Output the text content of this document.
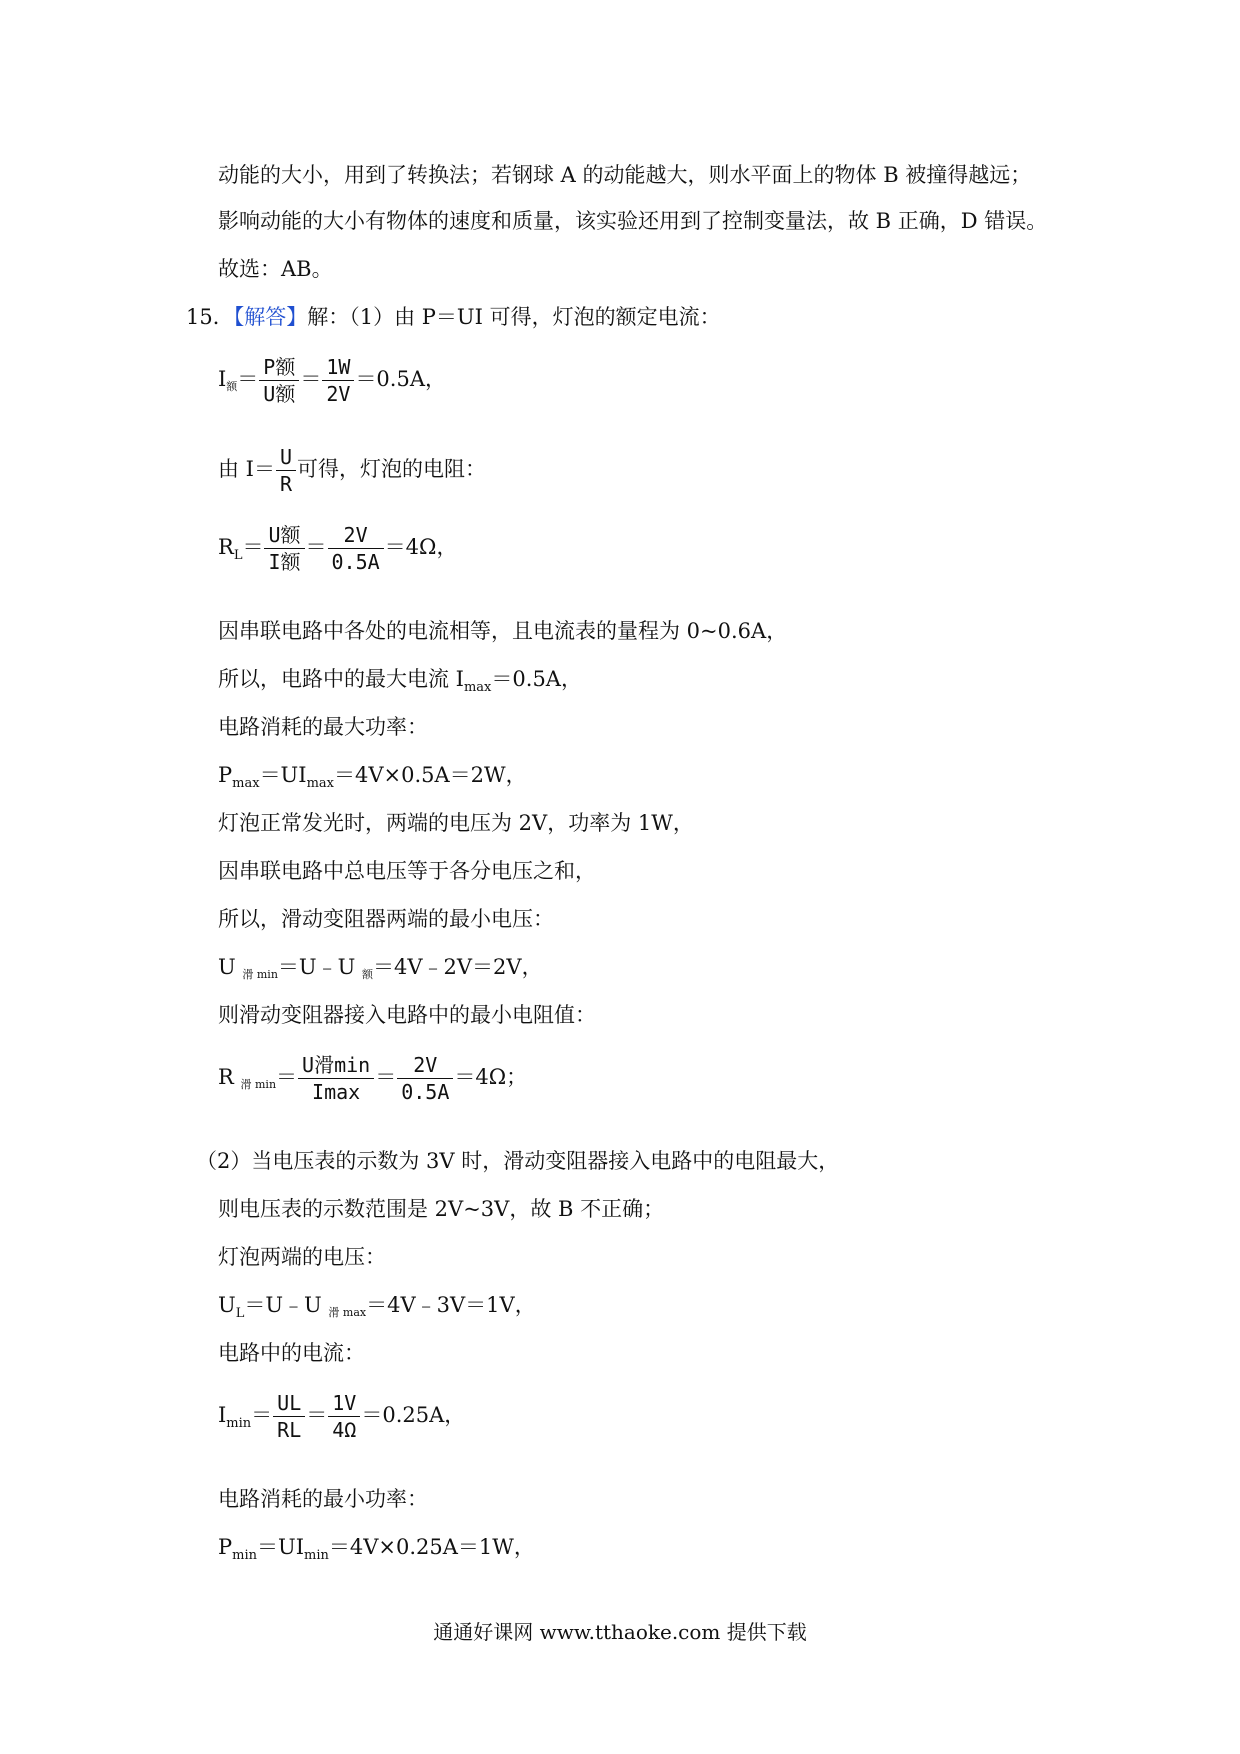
动能的大小，用到了转换法；若钢球 A 的动能越大，则水平面上的物体 B 被撞得越远；
影响动能的大小有物体的速度和质量，该实验还用到了控制变量法，故 B 正确，D 错误。
故选：AB。
15．【解答】解：（1）由 P＝UI 可得，灯泡的额定电流：
I额＝ $\frac{\text{P额}}{\text{U额}} = \frac{1W}{2V} =0.5A$，
由 $I= \frac{U}{R}$ 可得，灯泡的电阻：
$R_L= \frac{\text{U额}}{\text{I额}} = \frac{2V}{0.5A} =4\Omega$，
因串联电路中各处的电流相等，且电流表的量程为 0~0.6A，
所以，电路中的最大电流 $I_{max}=0.5A$，
电路消耗的最大功率：
$P_{max}=UI_{max}=4V\times 0.5A=2W$，
灯泡正常发光时，两端的电压为 2V，功率为 1W，
因串联电路中总电压等于各分电压之和，
所以，滑动变阻器两端的最小电压：
U 滑 min＝U﹣U 额＝4V﹣2V＝2V，
则滑动变阻器接入电路中的最小电阻值：
R 滑 $\min= \frac{\text{U滑min}}{Imax} = \frac{2V}{0.5A} =4\Omega$；
（2）当电压表的示数为 3V 时，滑动变阻器接入电路中的电阻最大，
则电压表的示数范围是 2V~3V，故 B 不正确；
灯泡两端的电压：
$U_L=U﹣U$ 滑 max＝4V﹣3V＝1V，
电路中的电流：
$I_{min}= \frac{UL}{RL} = \frac{1V}{4\Omega} =0.25A$，
电路消耗的最小功率：
$P_{min}=UI_{min}=4V\times 0.25A=1W$，
通通好课网 www.tthaoke.com 提供下载
